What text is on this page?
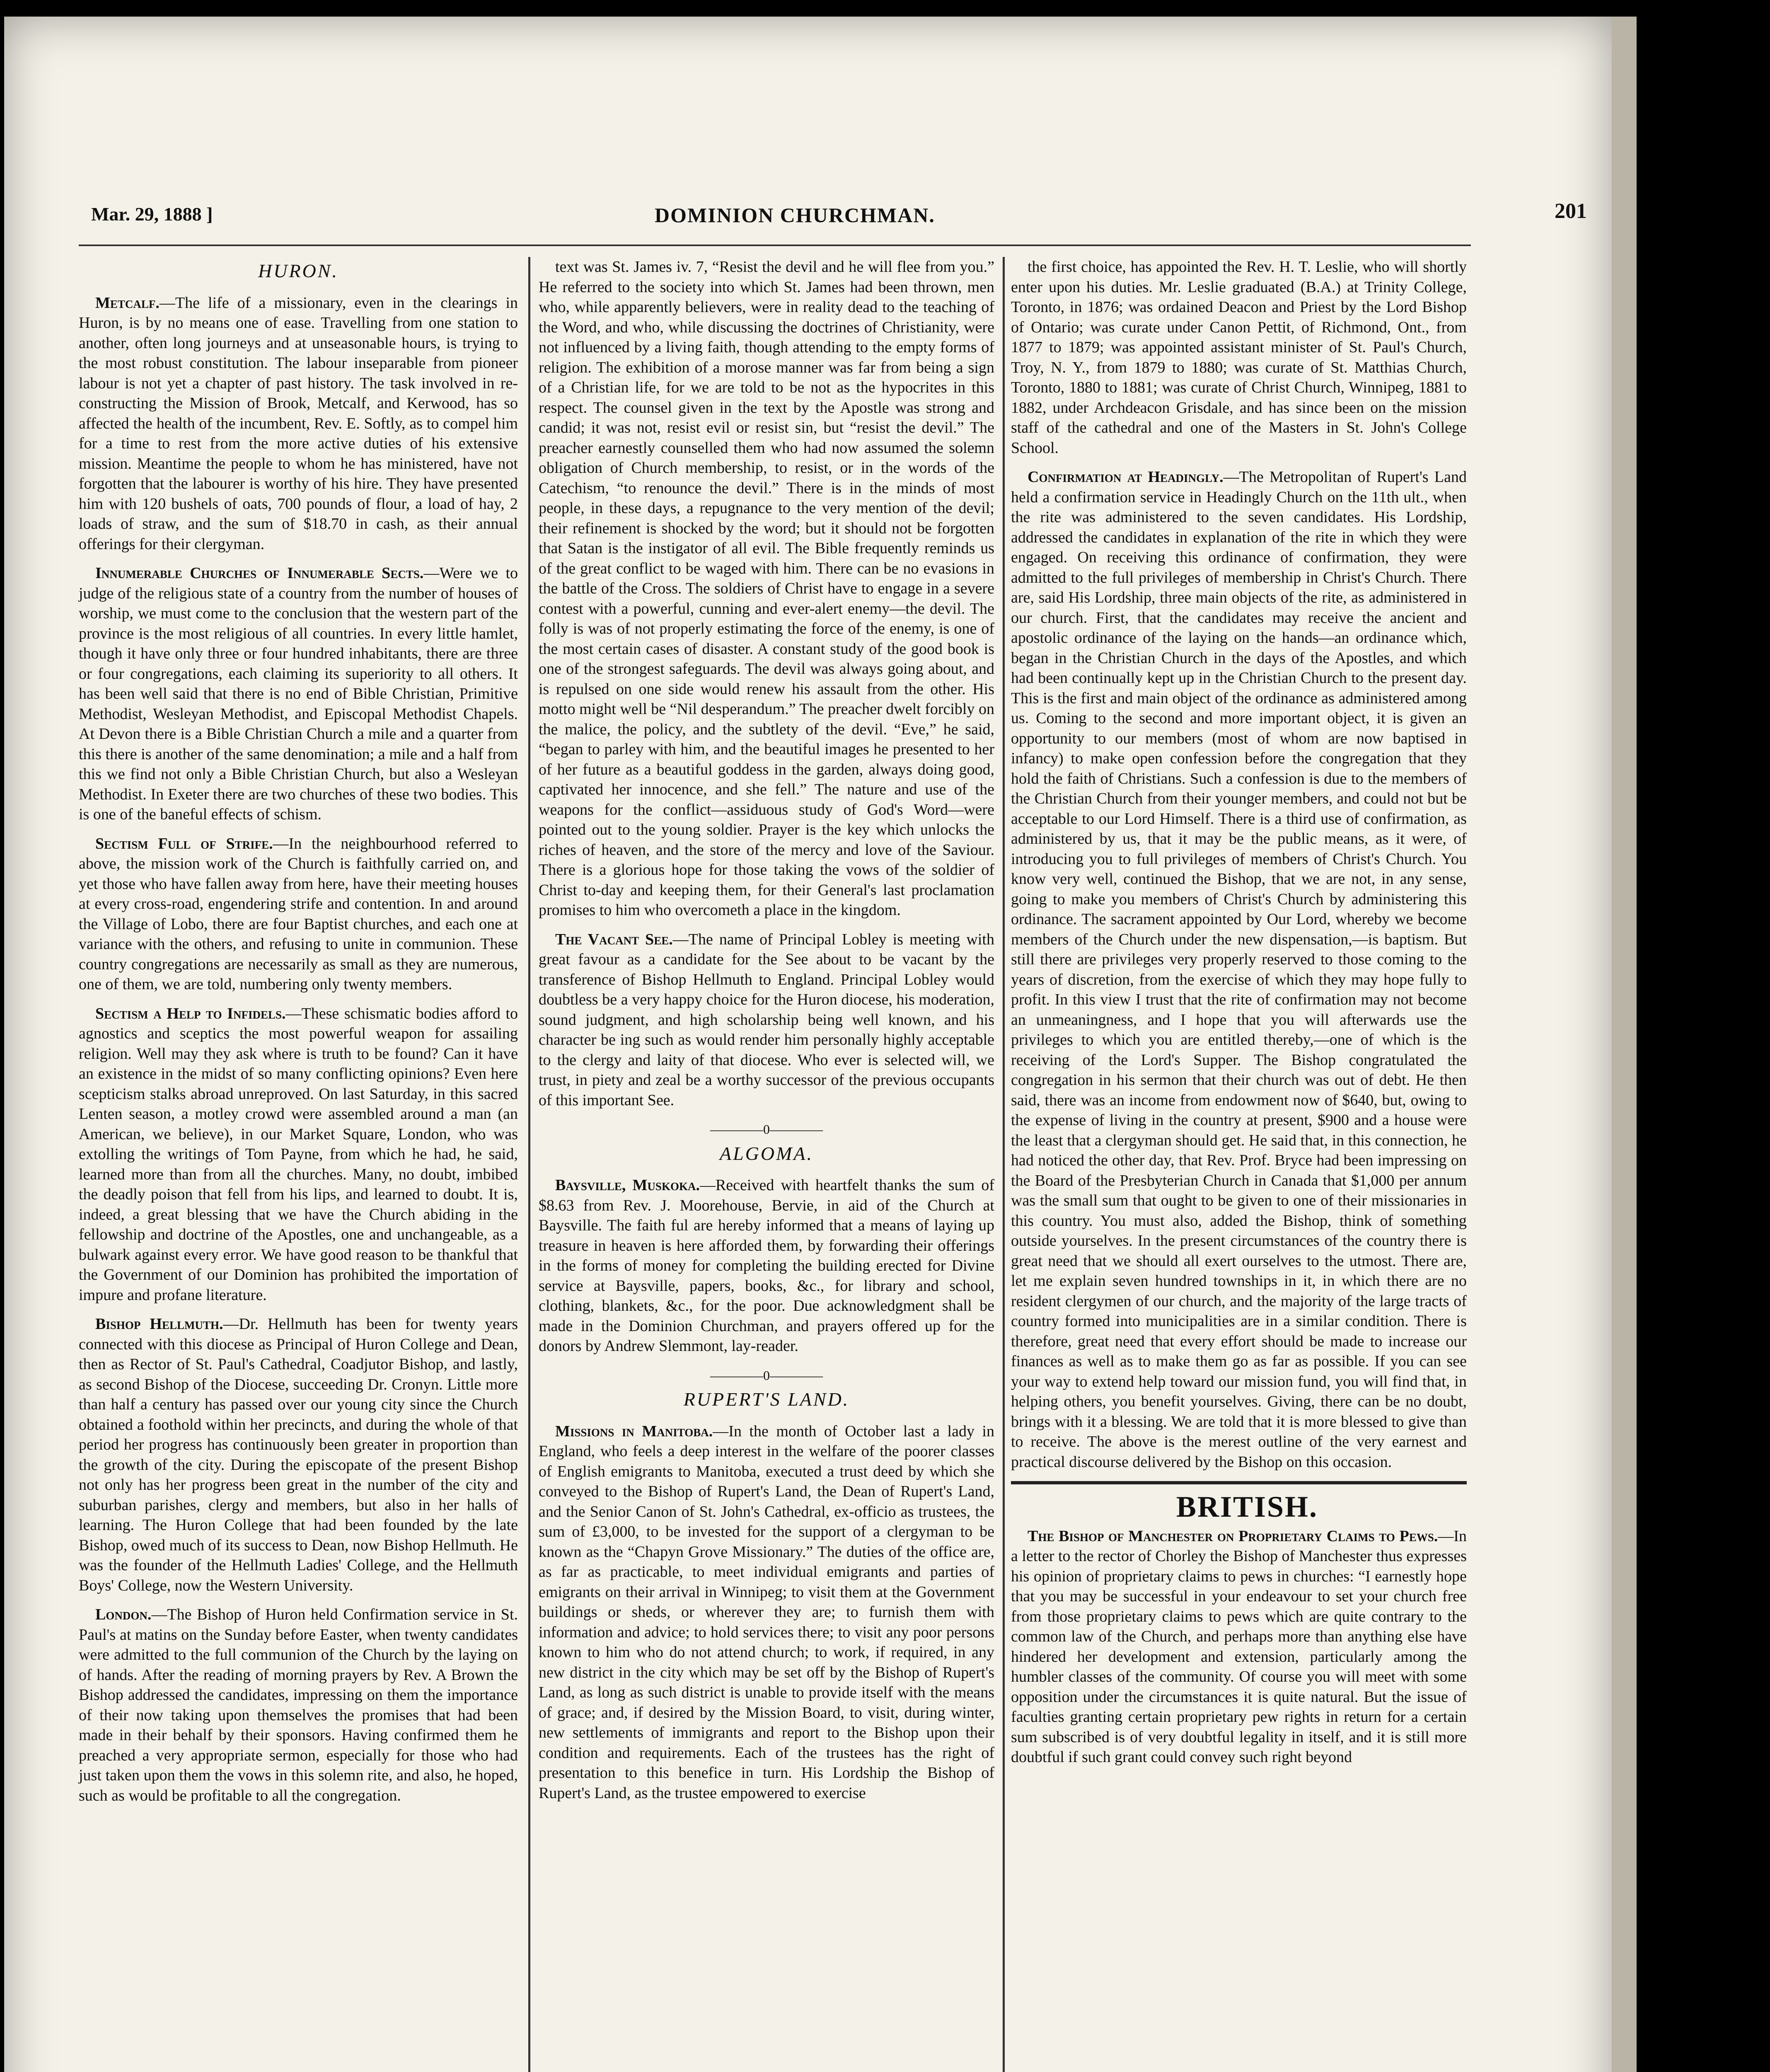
Mar. 29, 1888 ]	DOMINION CHURCHMAN.	201

HURON.

Metcalf.—The life of a missionary, even in the clearings in Huron, is by no means one of ease. Travelling from one station to another, often long journeys and at unseasonable hours, is trying to the most robust constitution. The labour inseparable from pioneer labour is not yet a chapter of past history. The task involved in re-constructing the Mission of Brook, Metcalf, and Kerwood, has so affected the health of the incumbent, Rev. E. Softly, as to compel him for a time to rest from the more active duties of his extensive mission. Meantime the people to whom he has ministered, have not forgotten that the labourer is worthy of his hire. They have presented him with 120 bushels of oats, 700 pounds of flour, a load of hay, 2 loads of straw, and the sum of $18.70 in cash, as their annual offerings for their clergyman.

Innumerable Churches of Innumerable Sects.—Were we to judge of the religious state of a country from the number of houses of worship, we must come to the conclusion that the western part of the province is the most religious of all countries. In every little hamlet, though it have only three or four hundred inhabitants, there are three or four congregations, each claiming its superiority to all others. It has been well said that there is no end of Bible Christian, Primitive Methodist, Wesleyan Methodist, and Episcopal Methodist Chapels. At Devon there is a Bible Christian Church a mile and a quarter from this there is another of the same denomination; a mile and a half from this we find not only a Bible Christian Church, but also a Wesleyan Methodist. In Exeter there are two churches of these two bodies. This is one of the baneful effects of schism.

Sectism Full of Strife.—In the neighbourhood referred to above, the mission work of the Church is faithfully carried on, and yet those who have fallen away from here, have their meeting houses at every cross-road, engendering strife and contention. In and around the Village of Lobo, there are four Baptist churches, and each one at variance with the others, and refusing to unite in communion. These country congregations are necessarily as small as they are numerous, one of them, we are told, numbering only twenty members.

Sectism a Help to Infidels.—These schismatic bodies afford to agnostics and sceptics the most powerful weapon for assailing religion. Well may they ask where is truth to be found? Can it have an existence in the midst of so many conflicting opinions? Even here scepticism stalks abroad unreproved. On last Saturday, in this sacred Lenten season, a motley crowd were assembled around a man (an American, we believe), in our Market Square, London, who was extolling the writings of Tom Payne, from which he had, he said, learned more than from all the churches. Many, no doubt, imbibed the deadly poison that fell from his lips, and learned to doubt. It is, indeed, a great blessing that we have the Church abiding in the fellowship and doctrine of the Apostles, one and unchangeable, as a bulwark against every error. We have good reason to be thankful that the Government of our Dominion has prohibited the importation of impure and profane literature.

Bishop Hellmuth.—Dr. Hellmuth has been for twenty years connected with this diocese as Principal of Huron College and Dean, then as Rector of St. Paul's Cathedral, Coadjutor Bishop, and lastly, as second Bishop of the Diocese, succeeding Dr. Cronyn. Little more than half a century has passed over our young city since the Church obtained a foothold within her precincts, and during the whole of that period her progress has continuously been greater in proportion than the growth of the city. During the episcopate of the present Bishop not only has her progress been great in the number of the city and suburban parishes, clergy and members, but also in her halls of learning. The Huron College that had been founded by the late Bishop, owed much of its success to Dean, now Bishop Hellmuth. He was the founder of the Hellmuth Ladies' College, and the Hellmuth Boys' College, now the Western University.

London.—The Bishop of Huron held Confirmation service in St. Paul's at matins on the Sunday before Easter, when twenty candidates were admitted to the full communion of the Church by the laying on of hands. After the reading of morning prayers by Rev. A Brown the Bishop addressed the candidates, impressing on them the importance of their now taking upon themselves the promises that had been made in their behalf by their sponsors. Having confirmed them he preached a very appropriate sermon, especially for those who had just taken upon them the vows in this solemn rite, and also, he hoped, such as would be profitable to all the congregation.

text was St. James iv. 7, “Resist the devil and he will flee from you.” He referred to the society into which St. James had been thrown, men who, while apparently believers, were in reality dead to the teaching of the Word, and who, while discussing the doctrines of Christianity, were not influenced by a living faith, though attending to the empty forms of religion. The exhibition of a morose manner was far from being a sign of a Christian life, for we are told to be not as the hypocrites in this respect. The counsel given in the text by the Apostle was strong and candid; it was not, resist evil or resist sin, but “resist the devil.” The preacher earnestly counselled them who had now assumed the solemn obligation of Church membership, to resist, or in the words of the Catechism, “to renounce the devil.” There is in the minds of most people, in these days, a repugnance to the very mention of the devil; their refinement is shocked by the word; but it should not be forgotten that Satan is the instigator of all evil. The Bible frequently reminds us of the great conflict to be waged with him. There can be no evasions in the battle of the Cross. The soldiers of Christ have to engage in a severe contest with a powerful, cunning and ever-alert enemy—the devil. The folly is was of not properly estimating the force of the enemy, is one of the most certain cases of disaster. A constant study of the good book is one of the strongest safeguards. The devil was always going about, and is repulsed on one side would renew his assault from the other. His motto might well be “Nil desperandum.” The preacher dwelt forcibly on the malice, the policy, and the subtlety of the devil. “Eve,” he said, “began to parley with him, and the beautiful images he presented to her of her future as a beautiful goddess in the garden, always doing good, captivated her innocence, and she fell.” The nature and use of the weapons for the conflict—assiduous study of God's Word—were pointed out to the young soldier. Prayer is the key which unlocks the riches of heaven, and the store of the mercy and love of the Saviour. There is a glorious hope for those taking the vows of the soldier of Christ to-day and keeping them, for their General's last proclamation promises to him who overcometh a place in the kingdom.

The Vacant See.—The name of Principal Lobley is meeting with great favour as a candidate for the See about to be vacant by the transference of Bishop Hellmuth to England. Principal Lobley would doubtless be a very happy choice for the Huron diocese, his moderation, sound judgment, and high scholarship being well known, and his character be ing such as would render him personally highly acceptable to the clergy and laity of that diocese. Who ever is selected will, we trust, in piety and zeal be a worthy successor of the previous occupants of this important See.

————0————

ALGOMA.

Baysville, Muskoka.—Received with heartfelt thanks the sum of $8.63 from Rev. J. Moorehouse, Bervie, in aid of the Church at Baysville. The faith ful are hereby informed that a means of laying up treasure in heaven is here afforded them, by forwarding their offerings in the forms of money for completing the building erected for Divine service at Baysville, papers, books, &c., for library and school, clothing, blankets, &c., for the poor. Due acknowledgment shall be made in the Dominion Churchman, and prayers offered up for the donors by Andrew Slemmont, lay-reader.

————0————

RUPERT'S LAND.

Missions in Manitoba.—In the month of October last a lady in England, who feels a deep interest in the welfare of the poorer classes of English emigrants to Manitoba, executed a trust deed by which she conveyed to the Bishop of Rupert's Land, the Dean of Rupert's Land, and the Senior Canon of St. John's Cathedral, ex-officio as trustees, the sum of £3,000, to be invested for the support of a clergyman to be known as the “Chapyn Grove Missionary.” The duties of the office are, as far as practicable, to meet individual emigrants and parties of emigrants on their arrival in Winnipeg; to visit them at the Government buildings or sheds, or wherever they are; to furnish them with information and advice; to hold services there; to visit any poor persons known to him who do not attend church; to work, if required, in any new district in the city which may be set off by the Bishop of Rupert's Land, as long as such district is unable to provide itself with the means of grace; and, if desired by the Mission Board, to visit, during winter, new settlements of immigrants and report to the Bishop upon their condition and requirements. Each of the trustees has the right of presentation to this benefice in turn. His Lordship the Bishop of Rupert's Land, as the trustee empowered to exercise

the first choice, has appointed the Rev. H. T. Leslie, who will shortly enter upon his duties. Mr. Leslie graduated (B.A.) at Trinity College, Toronto, in 1876; was ordained Deacon and Priest by the Lord Bishop of Ontario; was curate under Canon Pettit, of Richmond, Ont., from 1877 to 1879; was appointed assistant minister of St. Paul's Church, Troy, N. Y., from 1879 to 1880; was curate of St. Matthias Church, Toronto, 1880 to 1881; was curate of Christ Church, Winnipeg, 1881 to 1882, under Archdeacon Grisdale, and has since been on the mission staff of the cathedral and one of the Masters in St. John's College School.

Confirmation at Headingly.—The Metropolitan of Rupert's Land held a confirmation service in Headingly Church on the 11th ult., when the rite was administered to the seven candidates. His Lordship, addressed the candidates in explanation of the rite in which they were engaged. On receiving this ordinance of confirmation, they were admitted to the full privileges of membership in Christ's Church. There are, said His Lordship, three main objects of the rite, as administered in our church. First, that the candidates may receive the ancient and apostolic ordinance of the laying on the hands—an ordinance which, began in the Christian Church in the days of the Apostles, and which had been continually kept up in the Christian Church to the present day. This is the first and main object of the ordinance as administered among us. Coming to the second and more important object, it is given an opportunity to our members (most of whom are now baptised in infancy) to make open confession before the congregation that they hold the faith of Christians. Such a confession is due to the members of the Christian Church from their younger members, and could not but be acceptable to our Lord Himself. There is a third use of confirmation, as administered by us, that it may be the public means, as it were, of introducing you to full privileges of members of Christ's Church. You know very well, continued the Bishop, that we are not, in any sense, going to make you members of Christ's Church by administering this ordinance. The sacrament appointed by Our Lord, whereby we become members of the Church under the new dispensation,—is baptism. But still there are privileges very properly reserved to those coming to the years of discretion, from the exercise of which they may hope fully to profit. In this view I trust that the rite of confirmation may not become an unmeaningness, and I hope that you will afterwards use the privileges to which you are entitled thereby,—one of which is the receiving of the Lord's Supper. The Bishop congratulated the congregation in his sermon that their church was out of debt. He then said, there was an income from endowment now of $640, but, owing to the expense of living in the country at present, $900 and a house were the least that a clergyman should get. He said that, in this connection, he had noticed the other day, that Rev. Prof. Bryce had been impressing on the Board of the Presbyterian Church in Canada that $1,000 per annum was the small sum that ought to be given to one of their missionaries in this country. You must also, added the Bishop, think of something outside yourselves. In the present circumstances of the country there is great need that we should all exert ourselves to the utmost. There are, let me explain seven hundred townships in it, in which there are no resident clergymen of our church, and the majority of the large tracts of country formed into municipalities are in a similar condition. There is therefore, great need that every effort should be made to increase our finances as well as to make them go as far as possible. If you can see your way to extend help toward our mission fund, you will find that, in helping others, you benefit yourselves. Giving, there can be no doubt, brings with it a blessing. We are told that it is more blessed to give than to receive. The above is the merest outline of the very earnest and practical discourse delivered by the Bishop on this occasion.

BRITISH.

The Bishop of Manchester on Proprietary Claims to Pews.—In a letter to the rector of Chorley the Bishop of Manchester thus expresses his opinion of proprietary claims to pews in churches: “I earnestly hope that you may be successful in your endeavour to set your church free from those proprietary claims to pews which are quite contrary to the common law of the Church, and perhaps more than anything else have hindered her development and extension, particularly among the humbler classes of the community. Of course you will meet with some opposition under the circumstances it is quite natural. But the issue of faculties granting certain proprietary pew rights in return for a certain sum subscribed is of very doubtful legality in itself, and it is still more doubtful if such grant could convey such right beyond
